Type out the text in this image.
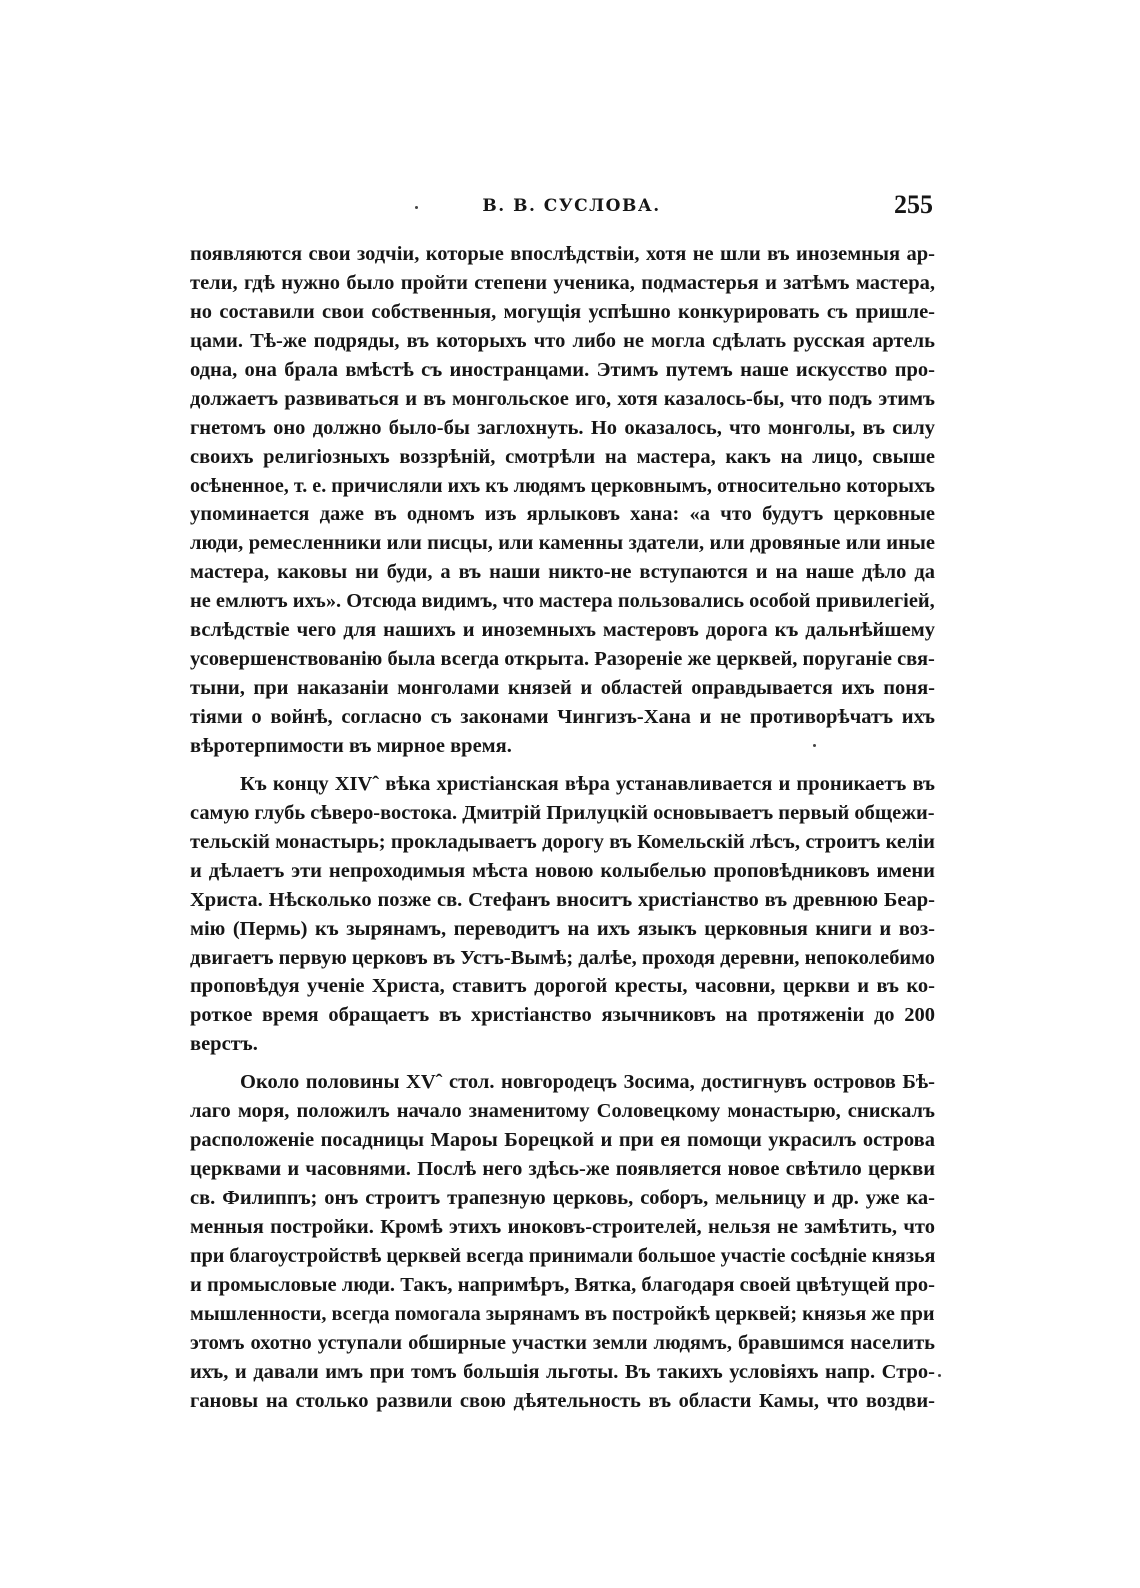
В. В. СУСЛОВА.	255
появляются свои зодчiи, которые впослѣдствiи, хотя не шли въ иноземныя ар-
тели, гдѣ нужно было пройти степени ученика, подмастерья и затѣмъ мастера,
но составили свои собственныя, могущiя успѣшно конкурировать съ пришле-
цами. Тѣ-же подряды, въ которыхъ что либо не могла сдѣлать русская артель
одна, она брала вмѣстѣ съ иностранцами. Этимъ путемъ наше искусство про-
должаетъ развиваться и въ монгольское иго, хотя казалось-бы, что подъ этимъ
гнетомъ оно должно было-бы заглохнуть. Но оказалось, что монголы, въ силу
своихъ религiозныхъ воззрѣнiй, смотрѣли на мастера, какъ на лицо, свыше
осѣненное, т. е. причисляли ихъ къ людямъ церковнымъ, относительно которыхъ
упоминается даже въ одномъ изъ ярлыковъ хана: «а что будутъ церковные
люди, ремесленники или писцы, или каменны здатели, или дровяные или иные
мастера, каковы ни буди, а въ наши никто-не вступаются и на наше дѣло да
не емлютъ ихъ». Отсюда видимъ, что мастера пользовались особой привилегiей,
вслѣдствiе чего для нашихъ и иноземныхъ мастеровъ дорога къ дальнѣйшему
усовершенствованiю была всегда открыта. Разоренiе же церквей, поруганiе свя-
тыни, при наказанiи монголами князей и областей оправдывается ихъ поня-
тiями о войнѣ, согласно съ законами Чингизъ-Хана и не противорѣчатъ ихъ
вѣротерпимости въ мирное время.
Къ концу XIVˆ вѣка христiанская вѣра устанавливается и проникаетъ въ
самую глубь сѣверо-востока. Дмитрiй Прилуцкiй основываетъ первый общежи-
тельскiй монастырь; прокладываетъ дорогу въ Комельскiй лѣсъ, строитъ келiи
и дѣлаетъ эти непроходимыя мѣста новою колыбелью проповѣдниковъ имени
Христа. Нѣсколько позже св. Стефанъ вноситъ христiанство въ древнюю Беар-
мiю (Пермь) къ зырянамъ, переводитъ на ихъ языкъ церковныя книги и воз-
двигаетъ первую церковъ въ Устъ-Вымѣ; далѣе, проходя деревни, непоколебимо
проповѣдуя ученiе Христа, ставитъ дорогой кресты, часовни, церкви и въ ко-
роткое время обращаетъ въ христiанство язычниковъ на протяженiи до 200
верстъ.
Около половины XVˆ стол. новгородецъ Зосима, достигнувъ островов Бѣ-
лаго моря, положилъ начало знаменитому Соловецкому монастырю, снискалъ
расположенiе посадницы Мароы Борецкой и при ея помощи украсилъ острова
церквами и часовнями. Послѣ него здѣсь-же появляется новое свѣтило церкви
св. Филиппъ; онъ строитъ трапезную церковь, соборъ, мельницу и др. уже ка-
менныя постройки. Кромѣ этихъ иноковъ-строителей, нельзя не замѣтить, что
при благоустройствѣ церквей всегда принимали большое участiе сосѣднiе князья
и промысловые люди. Такъ, напримѣръ, Вятка, благодаря своей цвѣтущей про-
мышленности, всегда помогала зырянамъ въ постройкѣ церквей; князья же при
этомъ охотно уступали обширные участки земли людямъ, бравшимся населить
ихъ, и давали имъ при томъ большiя льготы. Въ такихъ условiяхъ напр. Стро-
гановы на столько развили свою дѣятельность въ области Камы, что воздви-
